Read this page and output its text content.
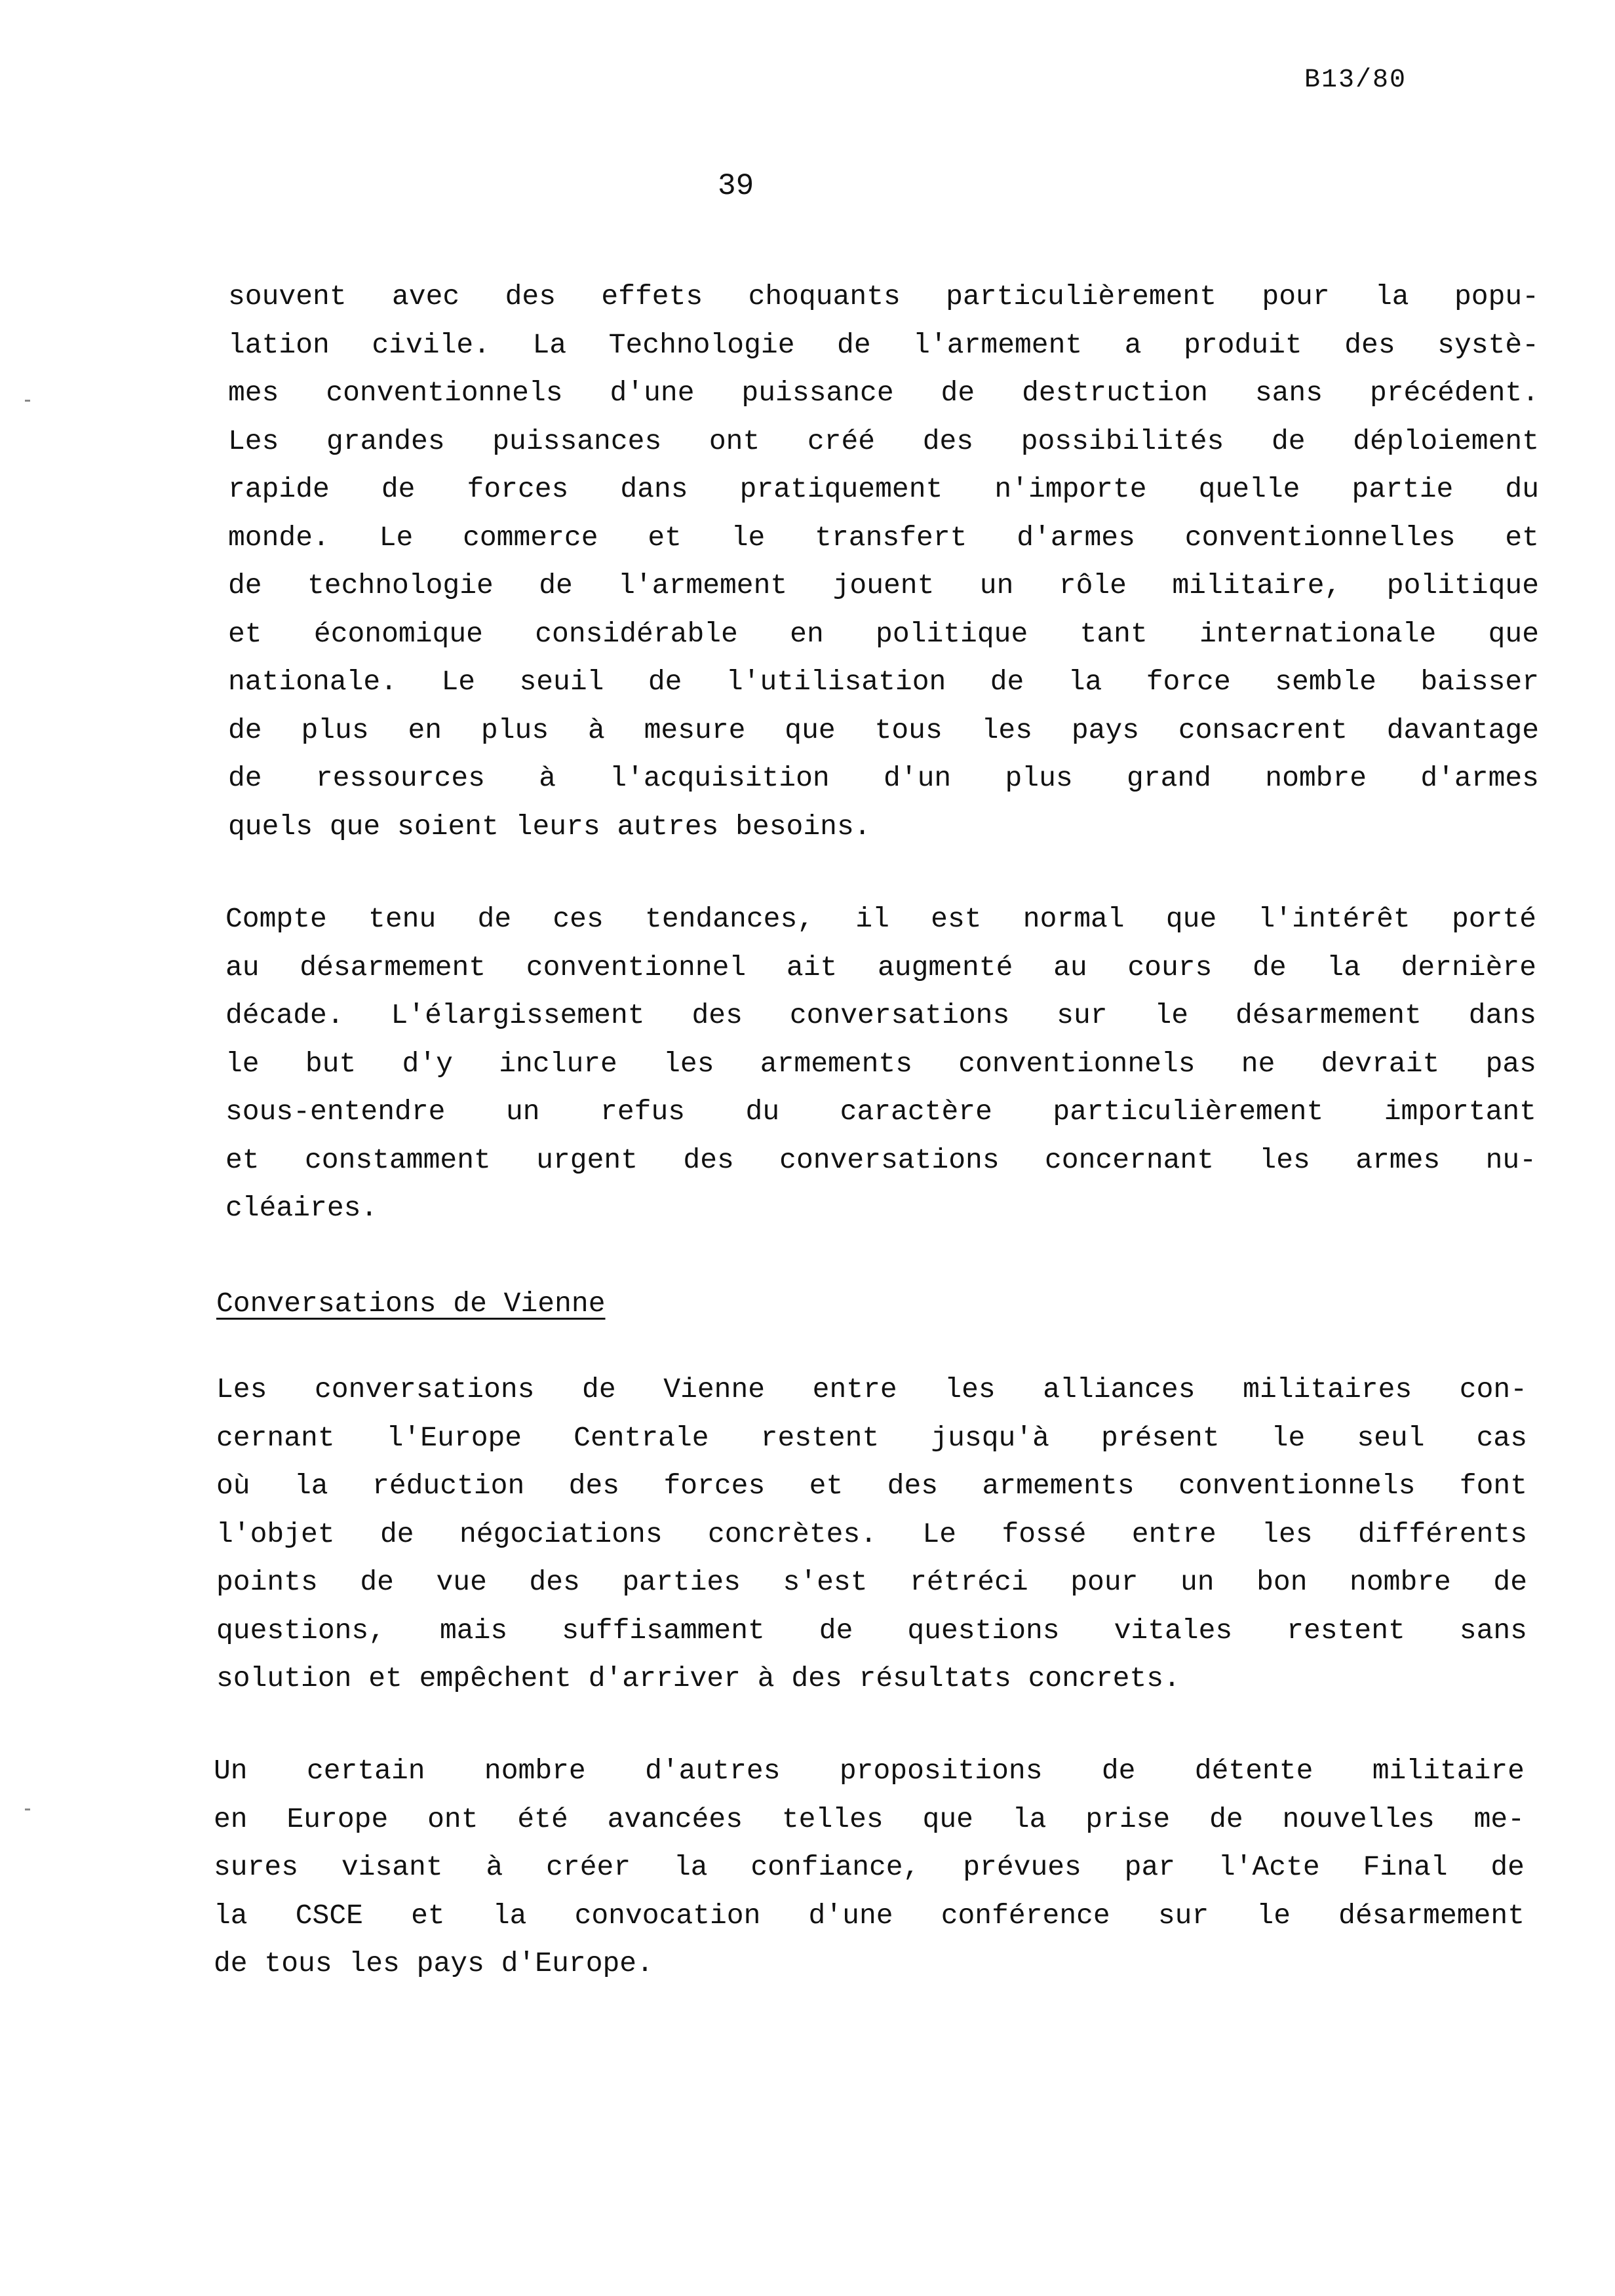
B13/80
39
souvent avec des effets choquants particulièrement pour la popu-
lation civile. La Technologie de l'armement a produit des systè-
mes conventionnels d'une puissance de destruction sans précédent.
Les grandes puissances ont créé des possibilités de déploiement
rapide de forces dans pratiquement n'importe quelle partie du
monde. Le commerce et le transfert d'armes conventionnelles et
de technologie de l'armement jouent un rôle militaire, politique
et économique considérable en politique tant internationale que
nationale. Le seuil de l'utilisation de la force semble baisser
de plus en plus à mesure que tous les pays consacrent davantage
de ressources à l'acquisition d'un plus grand nombre d'armes
quels que soient leurs autres besoins.
Compte tenu de ces tendances, il est normal que l'intérêt porté
au désarmement conventionnel ait augmenté au cours de la dernière
décade. L'élargissement des conversations sur le désarmement dans
le but d'y inclure les armements conventionnels ne devrait pas
sous-entendre un refus du caractère particulièrement important
et constamment urgent des conversations concernant les armes nu-
cléaires.
Conversations de Vienne
Les conversations de Vienne entre les alliances militaires con-
cernant l'Europe Centrale restent jusqu'à présent le seul cas
où la réduction des forces et des armements conventionnels font
l'objet de négociations concrètes. Le fossé entre les différents
points de vue des parties s'est rétréci pour un bon nombre de
questions, mais suffisamment de questions vitales restent sans
solution et empêchent d'arriver à des résultats concrets.
Un certain nombre d'autres propositions de détente militaire
en Europe ont été avancées telles que la prise de nouvelles me-
sures visant à créer la confiance, prévues par l'Acte Final de
la CSCE et la convocation d'une conférence sur le désarmement
de tous les pays d'Europe.
